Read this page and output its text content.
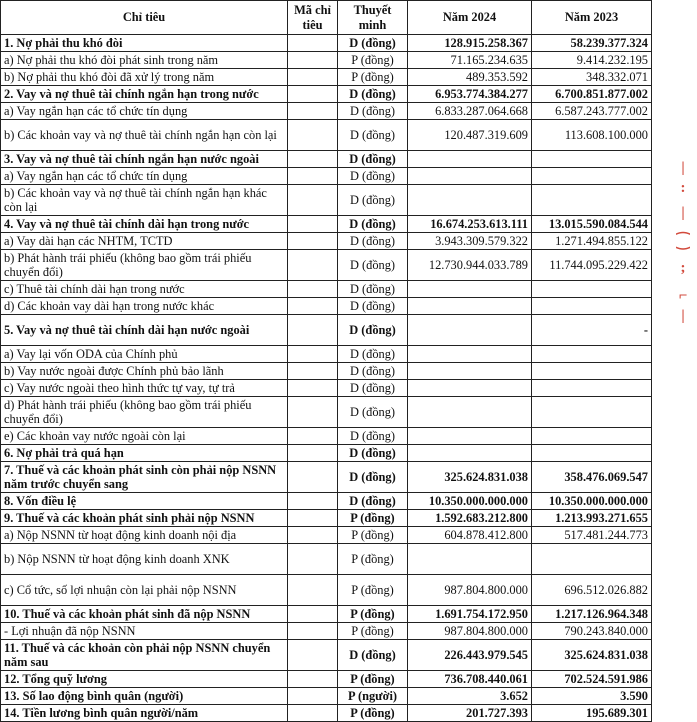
Chỉ tiêu	Mã chỉ tiêu	Thuyết minh	Năm 2024	Năm 2023
1. Nợ phải thu khó đòi		D (đồng)	128.915.258.367	58.239.377.324
a) Nợ phải thu khó đòi phát sinh trong năm		P (đồng)	71.165.234.635	9.414.232.195
b) Nợ phải thu khó đòi đã xử lý trong năm		P (đồng)	489.353.592	348.332.071
2. Vay và nợ thuê tài chính ngắn hạn trong nước		D (đồng)	6.953.774.384.277	6.700.851.877.002
a) Vay ngắn hạn các tổ chức tín dụng		D (đồng)	6.833.287.064.668	6.587.243.777.002
b) Các khoản vay và nợ thuê tài chính ngắn hạn còn lại		D (đồng)	120.487.319.609	113.608.100.000
3. Vay và nợ thuê tài chính ngắn hạn nước ngoài		D (đồng)		
a) Vay ngắn hạn các tổ chức tín dụng		D (đồng)		
b) Các khoản vay và nợ thuê tài chính ngắn hạn khác còn lại		D (đồng)		
4. Vay và nợ thuê tài chính dài hạn trong nước		D (đồng)	16.674.253.613.111	13.015.590.084.544
a) Vay dài hạn các NHTM, TCTD		D (đồng)	3.943.309.579.322	1.271.494.855.122
b) Phát hành trái phiếu (không bao gồm trái phiếu chuyển đổi)		D (đồng)	12.730.944.033.789	11.744.095.229.422
c) Thuê tài chính dài hạn trong nước		D (đồng)		
d) Các khoản vay dài hạn trong nước khác		D (đồng)		
5. Vay và nợ thuê tài chính dài hạn nước ngoài		D (đồng)		-
a) Vay lại vốn ODA của Chính phủ		D (đồng)		
b) Vay nước ngoài được Chính phủ bảo lãnh		D (đồng)		
c) Vay nước ngoài theo hình thức tự vay, tự trả		D (đồng)		
d) Phát hành trái phiếu (không bao gồm trái phiếu chuyển đổi)		D (đồng)		
e) Các khoản vay nước ngoài còn lại		D (đồng)		
6. Nợ phải trả quá hạn		D (đồng)		
7. Thuế và các khoản phát sinh còn phải nộp NSNN năm trước chuyển sang		D (đồng)	325.624.831.038	358.476.069.547
8. Vốn điều lệ		D (đồng)	10.350.000.000.000	10.350.000.000.000
9. Thuế và các khoản phát sinh phải nộp NSNN		P (đồng)	1.592.683.212.800	1.213.993.271.655
a) Nộp NSNN từ hoạt động kinh doanh nội địa		P (đồng)	604.878.412.800	517.481.244.773
b) Nộp NSNN từ hoạt động kinh doanh XNK		P (đồng)		
c) Cổ tức, số lợi nhuận còn lại phải nộp NSNN		P (đồng)	987.804.800.000	696.512.026.882
10. Thuế và các khoản phát sinh đã nộp NSNN		P (đồng)	1.691.754.172.950	1.217.126.964.348
- Lợi nhuận đã nộp NSNN		P (đồng)	987.804.800.000	790.243.840.000
11. Thuế và các khoản còn phải nộp NSNN chuyển năm sau		D (đồng)	226.443.979.545	325.624.831.038
12. Tổng quỹ lương		P (đồng)	736.708.440.061	702.524.591.986
13. Số lao động bình quân (người)		P (người)	3.652	3.590
14. Tiền lương bình quân người/năm		P (đồng)	201.727.393	195.689.301
|
:
|
⁐
;
⌐
|
